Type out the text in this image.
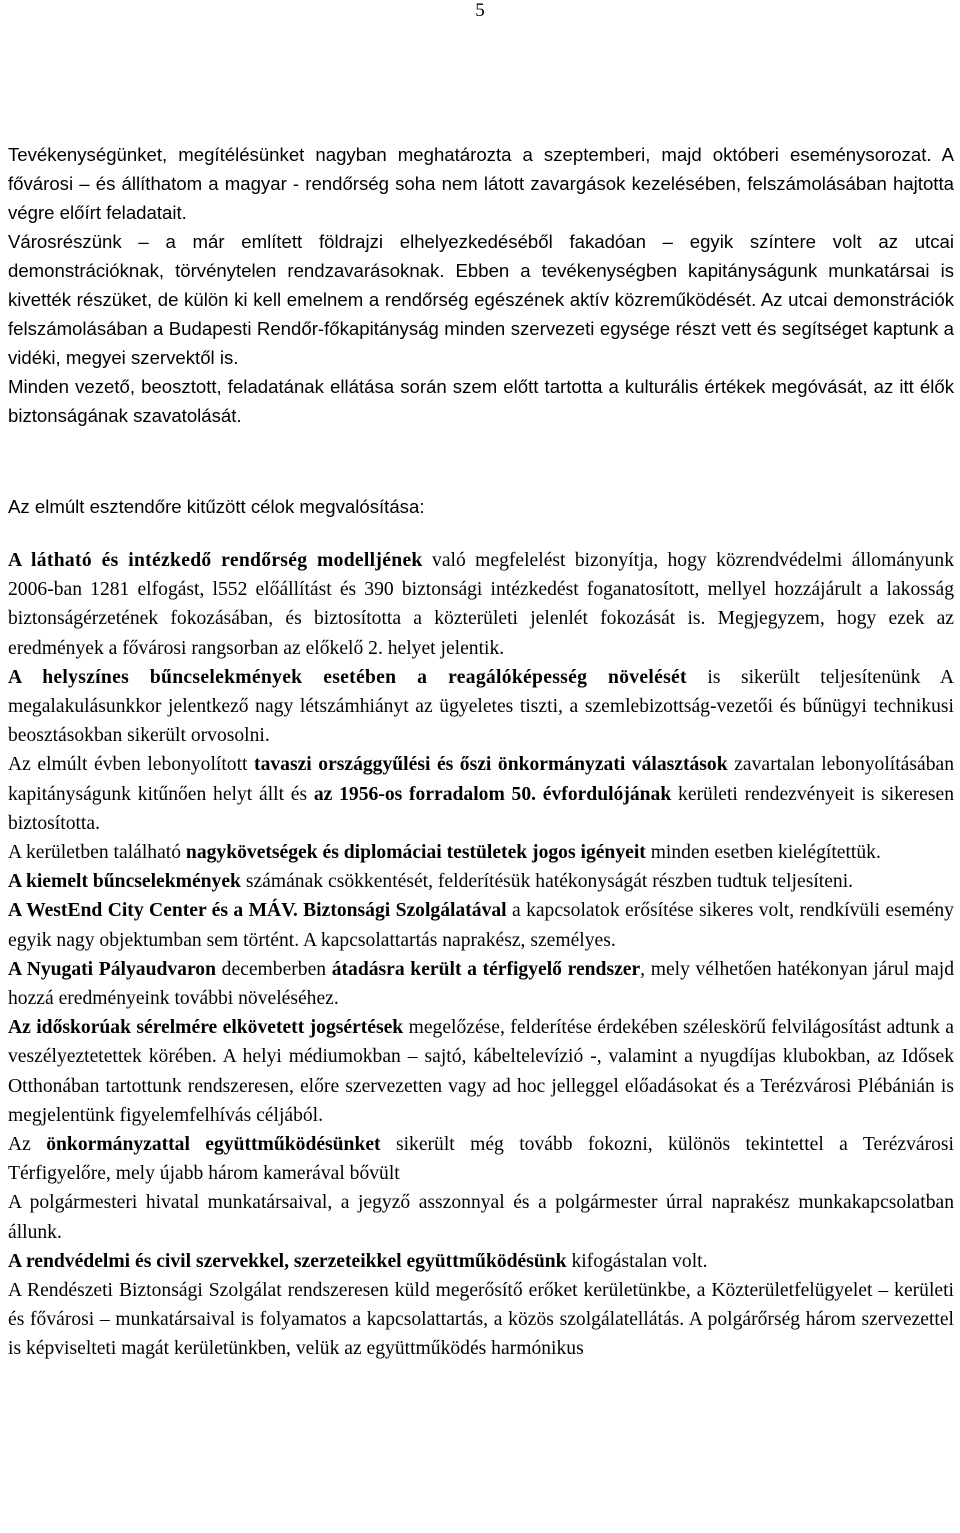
5

Tevékenységünket, megítélésünket nagyban meghatározta a szeptemberi, majd októberi eseménysorozat. A fővárosi – és állíthatom a magyar - rendőrség soha nem látott zavargások kezelésében, felszámolásában hajtotta végre előírt feladatait.

Városrészünk – a már említett földrajzi elhelyezkedéséből fakadóan – egyik színtere volt az utcai demonstrációknak, törvénytelen rendzavarásoknak. Ebben a tevékenységben kapitányságunk munkatársai is kivették részüket, de külön ki kell emelnem a rendőrség egészének aktív közreműködését. Az utcai demonstrációk felszámolásában a Budapesti Rendőr-főkapitányság minden szervezeti egysége részt vett és segítséget kaptunk a vidéki, megyei szervektől is.

Minden vezető, beosztott, feladatának ellátása során szem előtt tartotta a kulturális értékek megóvását, az itt élők biztonságának szavatolását.

Az elmúlt esztendőre kitűzött célok megvalósítása:

A látható és intézkedő rendőrség modelljének való megfelelést bizonyítja, hogy közrendvédelmi állományunk 2006-ban 1281 elfogást, l552 előállítást és 390 biztonsági intézkedést foganatosított, mellyel hozzájárult a lakosság biztonságérzetének fokozásában, és biztosította a közterületi jelenlét fokozását is. Megjegyzem, hogy ezek az eredmények a fővárosi rangsorban az előkelő 2. helyet jelentik.

A helyszínes bűncselekmények esetében a reagálóképesség növelését is sikerült teljesítenünk A megalakulásunkkor jelentkező nagy létszámhiányt az ügyeletes tiszti, a szemlebizottság-vezetői és bűnügyi technikusi beosztásokban sikerült orvosolni.

Az elmúlt évben lebonyolított tavaszi országgyűlési és őszi önkormányzati választások zavartalan lebonyolításában kapitányságunk kitűnően helyt állt és az 1956-os forradalom 50. évfordulójának kerületi rendezvényeit is sikeresen biztosította.

A kerületben található nagykövetségek és diplomáciai testületek jogos igényeit minden esetben kielégítettük.

A kiemelt bűncselekmények számának csökkentését, felderítésük hatékonyságát részben tudtuk teljesíteni.

A WestEnd City Center és a MÁV. Biztonsági Szolgálatával a kapcsolatok erősítése sikeres volt, rendkívüli esemény egyik nagy objektumban sem történt. A kapcsolattartás naprakész, személyes.

A Nyugati Pályaudvaron decemberben átadásra került a térfigyelő rendszer, mely vélhetően hatékonyan járul majd hozzá eredményeink további növeléséhez.

Az időskorúak sérelmére elkövetett jogsértések megelőzése, felderítése érdekében széleskörű felvilágosítást adtunk a veszélyeztetettek körében. A helyi médiumokban – sajtó, kábeltelevízió -, valamint a nyugdíjas klubokban, az Idősek Otthonában tartottunk rendszeresen, előre szervezetten vagy ad hoc jelleggel előadásokat és a Terézvárosi Plébánián is megjelentünk figyelemfelhívás céljából.

Az önkormányzattal együttműködésünket sikerült még tovább fokozni, különös tekintettel a Terézvárosi Térfigyelőre, mely újabb három kamerával bővült

A polgármesteri hivatal munkatársaival, a jegyző asszonnyal és a polgármester úrral naprakész munkakapcsolatban állunk.

A rendvédelmi és civil szervekkel, szerzeteikkel együttműködésünk kifogástalan volt.

A Rendészeti Biztonsági Szolgálat rendszeresen küld megerősítő erőket kerületünkbe, a Közterületfelügyelet – kerületi és fővárosi – munkatársaival is folyamatos a kapcsolattartás, a közös szolgálatellátás. A polgárőrség három szervezettel is képviselteti magát kerületünkben, velük az együttműködés harmónikus
